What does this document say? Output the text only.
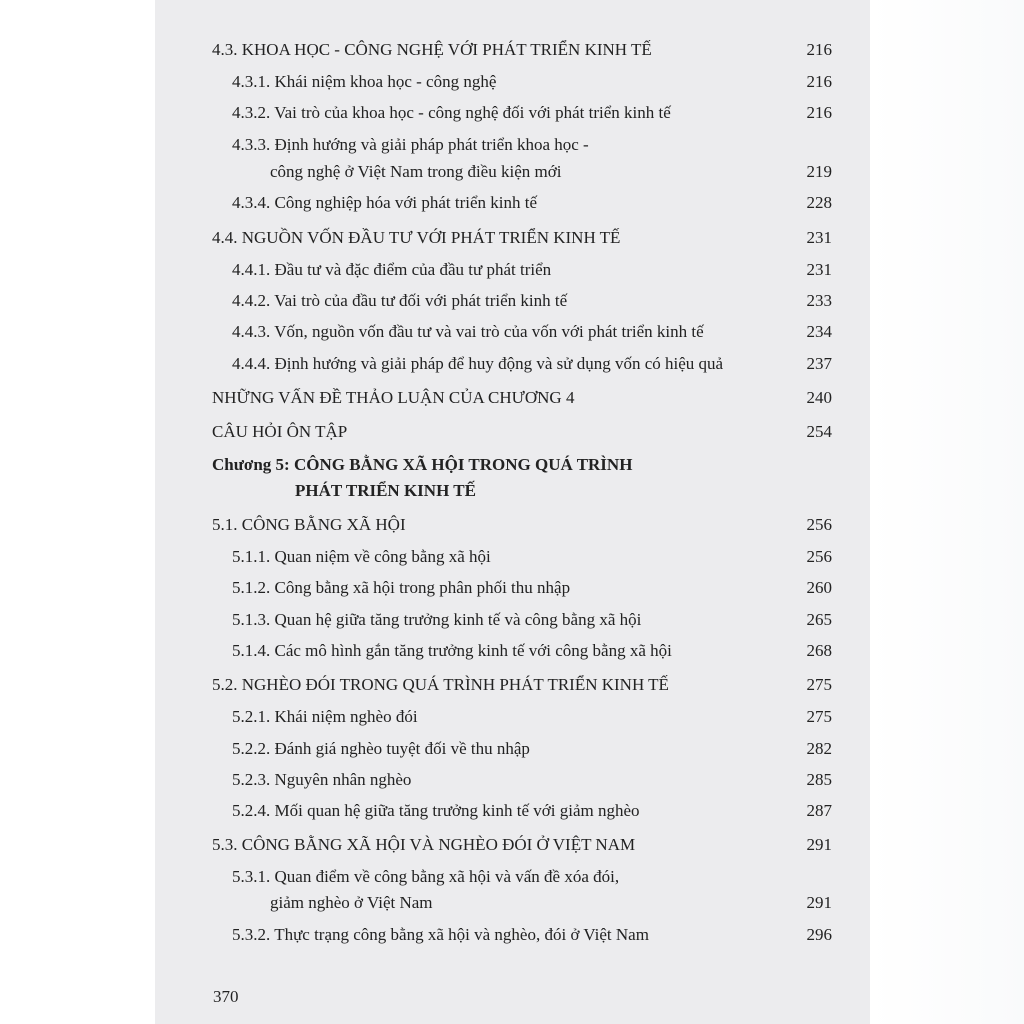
4.3. KHOA HỌC - CÔNG NGHỆ VỚI PHÁT TRIỂN KINH TẾ	216
4.3.1. Khái niệm khoa học - công nghệ	216
4.3.2. Vai trò của khoa học - công nghệ đối với phát triển kinh tế	216
4.3.3. Định hướng và giải pháp phát triển khoa học -
công nghệ ở Việt Nam trong điều kiện mới	219
4.3.4. Công nghiệp hóa với phát triển kinh tế	228
4.4. NGUỒN VỐN ĐẦU TƯ VỚI PHÁT TRIỂN KINH TẾ	231
4.4.1. Đầu tư và đặc điểm của đầu tư phát triển	231
4.4.2. Vai trò của đầu tư đối với phát triển kinh tế	233
4.4.3. Vốn, nguồn vốn đầu tư và vai trò của vốn với phát triển kinh tế	234
4.4.4. Định hướng và giải pháp để huy động và sử dụng vốn có hiệu quả	237
NHỮNG VẤN ĐỀ THẢO LUẬN CỦA CHƯƠNG 4	240
CÂU HỎI ÔN TẬP	254
Chương 5: CÔNG BẰNG XÃ HỘI TRONG QUÁ TRÌNH
PHÁT TRIỂN KINH TẾ
5.1. CÔNG BẰNG XÃ HỘI	256
5.1.1. Quan niệm về công bằng xã hội	256
5.1.2. Công bằng xã hội trong phân phối thu nhập	260
5.1.3. Quan hệ giữa tăng trưởng kinh tế và công bằng xã hội	265
5.1.4. Các mô hình gắn tăng trưởng kinh tế với công bằng xã hội	268
5.2. NGHÈO ĐÓI TRONG QUÁ TRÌNH PHÁT TRIỂN KINH TẾ	275
5.2.1. Khái niệm nghèo đói	275
5.2.2. Đánh giá nghèo tuyệt đối về thu nhập	282
5.2.3. Nguyên nhân nghèo	285
5.2.4. Mối quan hệ giữa tăng trưởng kinh tế với giảm nghèo	287
5.3. CÔNG BẰNG XÃ HỘI VÀ NGHÈO ĐÓI Ở VIỆT NAM	291
5.3.1. Quan điểm về công bằng xã hội và vấn đề xóa đói,
giảm nghèo ở Việt Nam	291
5.3.2. Thực trạng công bằng xã hội và nghèo, đói ở Việt Nam	296
370
